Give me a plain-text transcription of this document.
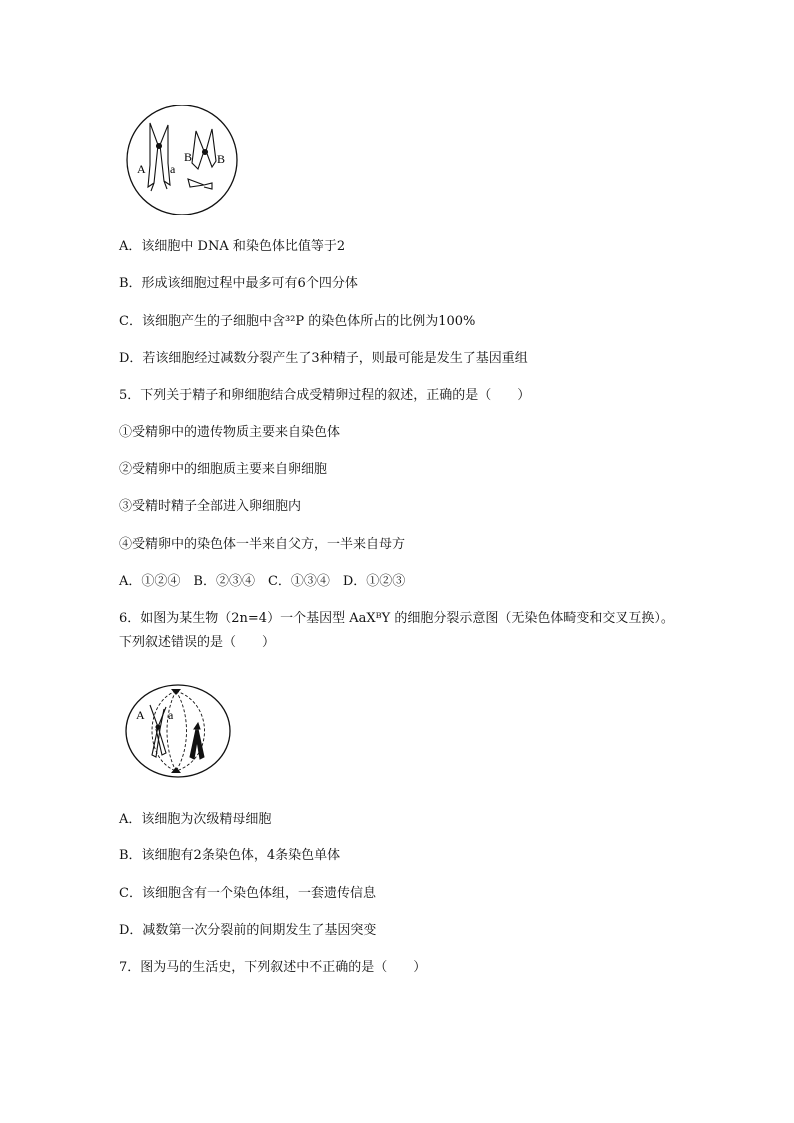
A a
B B
A．该细胞中 DNA 和染色体比值等于2
B．形成该细胞过程中最多可有6个四分体
C．该细胞产生的子细胞中含³²P 的染色体所占的比例为100%
D．若该细胞经过减数分裂产生了3种精子，则最可能是发生了基因重组
5．下列关于精子和卵细胞结合成受精卵过程的叙述，正确的是（　　）
①受精卵中的遗传物质主要来自染色体
②受精卵中的细胞质主要来自卵细胞
③受精时精子全部进入卵细胞内
④受精卵中的染色体一半来自父方，一半来自母方
A．①②④　B．②③④　C．①③④　D．①②③
6．如图为某生物（2n=4）一个基因型 AaXᴮY 的细胞分裂示意图（无染色体畸变和交叉互换）。下列叙述错误的是（　　）
A a
A．该细胞为次级精母细胞
B．该细胞有2条染色体，4条染色单体
C．该细胞含有一个染色体组，一套遗传信息
D．减数第一次分裂前的间期发生了基因突变
7．图为马的生活史，下列叙述中不正确的是（　　）
